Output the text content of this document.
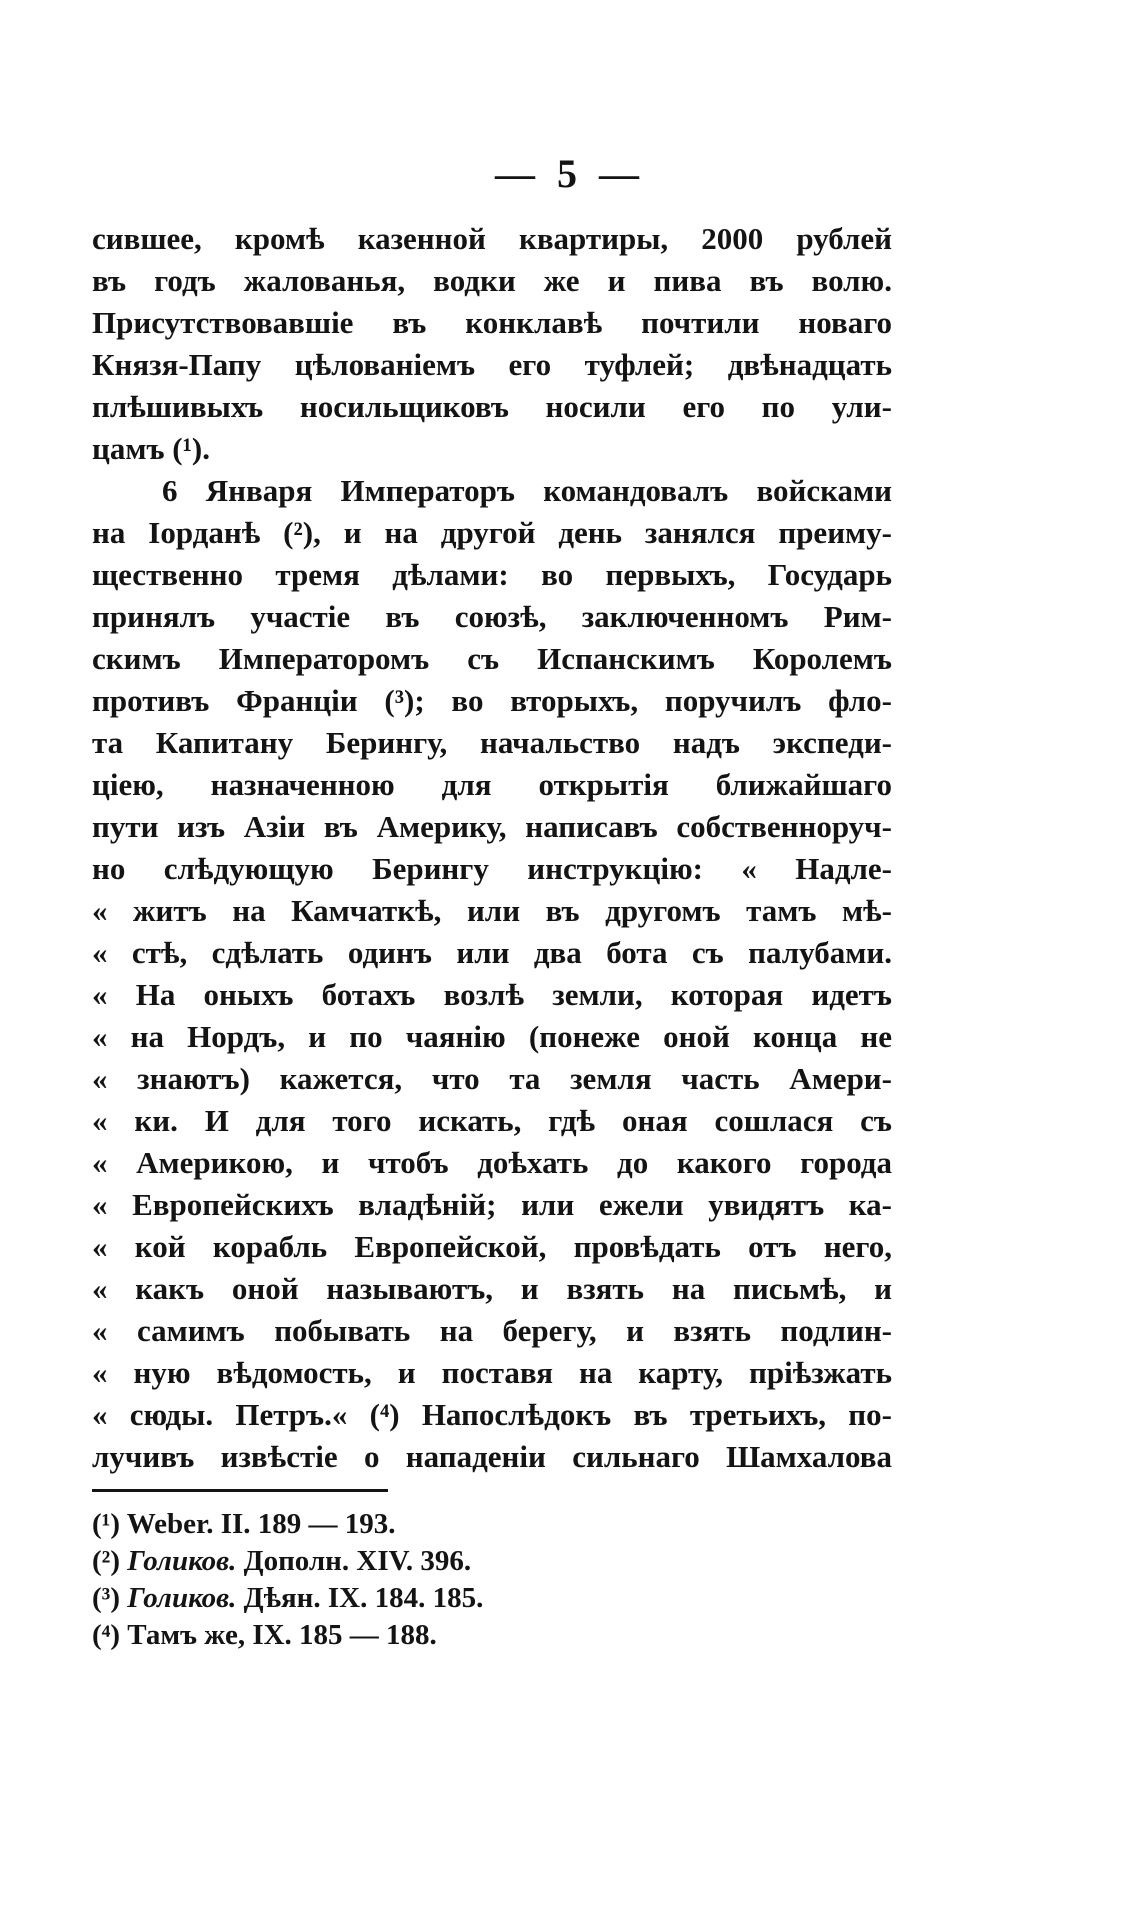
— 5 —
сившее, кромѣ казенной квартиры, 2000 рублей
въ годъ жалованья, водки же и пива въ волю.
Присутствовавшіе въ конклавѣ почтили новаго
Князя-Папу цѣлованіемъ его туфлей; двѣнадцать
плѣшивыхъ носильщиковъ носили его по ули-
цамъ (¹).
6 Января Императоръ командовалъ войсками
на Іорданѣ (²), и на другой день занялся преиму-
щественно тремя дѣлами: во первыхъ, Государь
принялъ участіе въ союзѣ, заключенномъ Рим-
скимъ Императоромъ съ Испанскимъ Королемъ
противъ Франціи (³); во вторыхъ, поручилъ фло-
та Капитану Берингу, начальство надъ экспеди-
ціею, назначенною для открытія ближайшаго
пути изъ Азіи въ Америку, написавъ собственноруч-
но слѣдующую Берингу инструкцію: « Надле-
« житъ на Камчаткѣ, или въ другомъ тамъ мѣ-
« стѣ, сдѣлать одинъ или два бота съ палубами.
« На оныхъ ботахъ возлѣ земли, которая идетъ
« на Нордъ, и по чаянію (понеже оной конца не
« знаютъ) кажется, что та земля часть Амери-
« ки. И для того искать, гдѣ оная сошлася съ
« Америкою, и чтобъ доѣхать до какого города
« Европейскихъ владѣній; или ежели увидятъ ка-
« кой корабль Европейской, провѣдать отъ него,
« какъ оной называютъ, и взять на письмѣ, и
« самимъ побывать на берегу, и взять подлин-
« ную вѣдомость, и поставя на карту, пріѣзжать
« сюды. Петръ.« (⁴) Напослѣдокъ въ третьихъ, по-
лучивъ извѣстіе о нападеніи сильнаго Шамхалова
(¹) Weber. II. 189 — 193.
(²) Голиков. Дополн. XIV. 396.
(³) Голиков. Дѣян. IX. 184. 185.
(⁴) Тамъ же, IX. 185 — 188.
